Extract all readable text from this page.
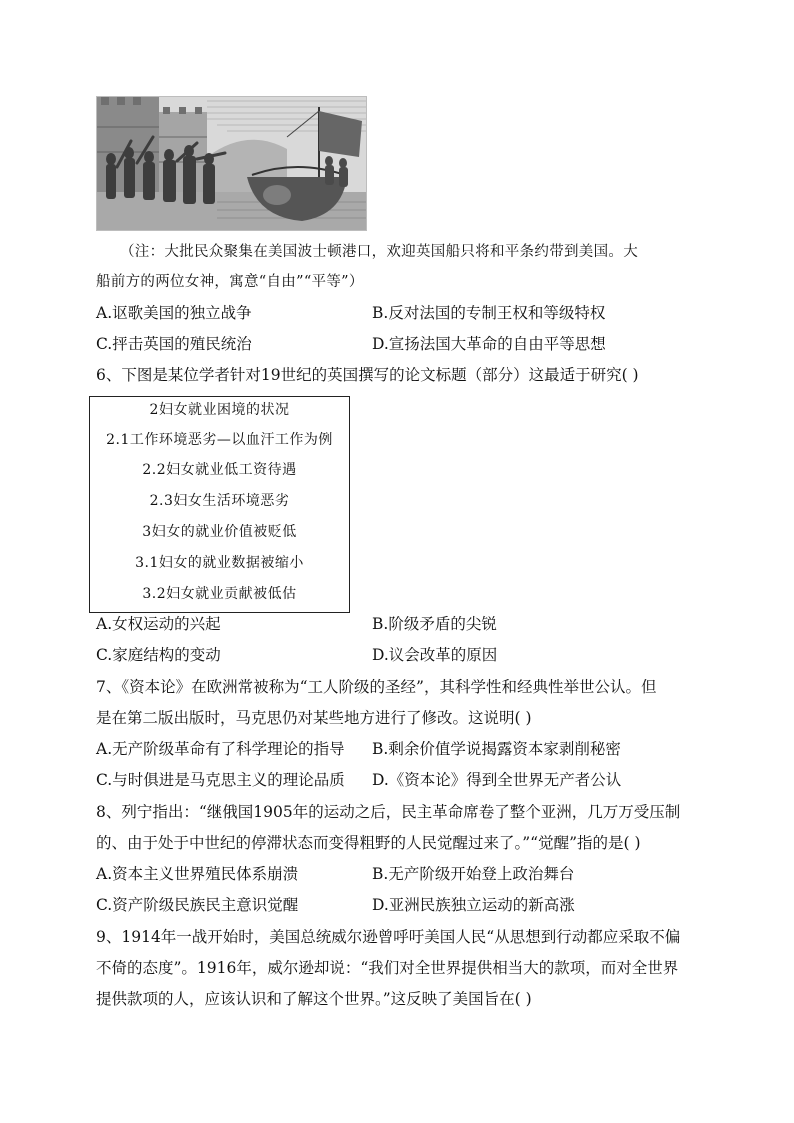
（注：大批民众聚集在美国波士顿港口，欢迎英国船只将和平条约带到美国。大
船前方的两位女神，寓意“自由”“平等”）
A.讴歌美国的独立战争	B.反对法国的专制王权和等级特权
C.抨击英国的殖民统治	D.宣扬法国大革命的自由平等思想
6、下图是某位学者针对19世纪的英国撰写的论文标题（部分）这最适于研究( )
2妇女就业困境的状况
2.1工作环境恶劣—以血汗工作为例
2.2妇女就业低工资待遇
2.3妇女生活环境恶劣
3妇女的就业价值被贬低
3.1妇女的就业数据被缩小
3.2妇女就业贡献被低估
A.女权运动的兴起	B.阶级矛盾的尖锐
C.家庭结构的变动	D.议会改革的原因
7、《资本论》在欧洲常被称为“工人阶级的圣经”，其科学性和经典性举世公认。但
是在第二版出版时，马克思仍对某些地方进行了修改。这说明( )
A.无产阶级革命有了科学理论的指导 B.剩余价值学说揭露资本家剥削秘密
C.与时俱进是马克思主义的理论品质 D.《资本论》得到全世界无产者公认
8、列宁指出：“继俄国1905年的运动之后，民主革命席卷了整个亚洲，几万万受压制
的、由于处于中世纪的停滞状态而变得粗野的人民觉醒过来了。”“觉醒”指的是( )
A.资本主义世界殖民体系崩溃	B.无产阶级开始登上政治舞台
C.资产阶级民族民主意识觉醒	D.亚洲民族独立运动的新高涨
9、1914年一战开始时，美国总统威尔逊曾呼吁美国人民“从思想到行动都应采取不偏
不倚的态度”。1916年，威尔逊却说：“我们对全世界提供相当大的款项，而对全世界
提供款项的人，应该认识和了解这个世界。”这反映了美国旨在( )
